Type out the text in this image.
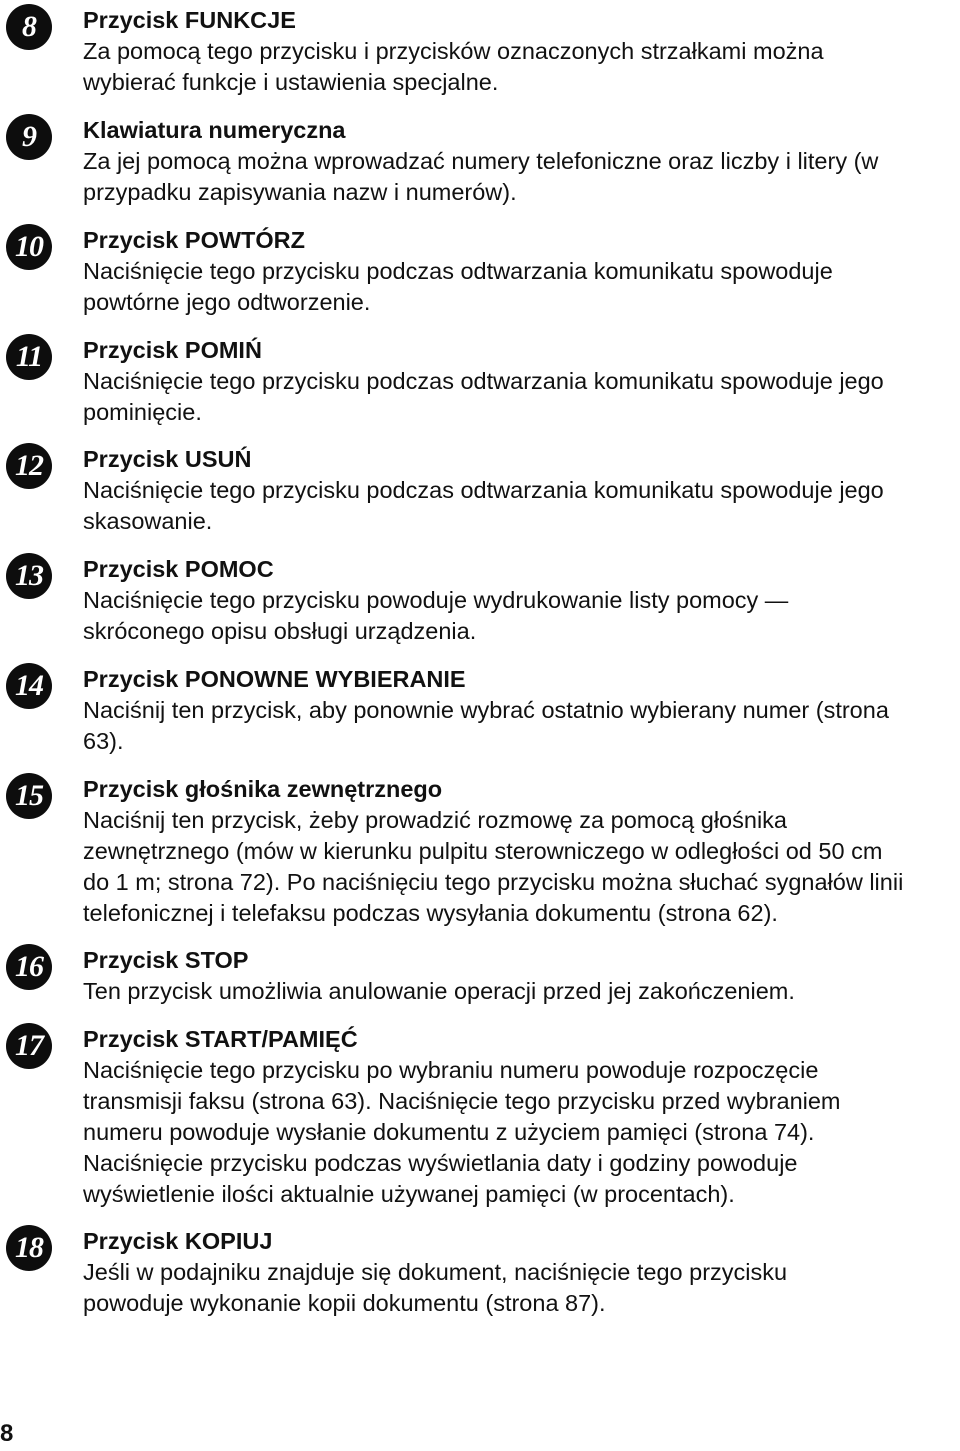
8	Przycisk FUNKCJE
Za pomocą tego przycisku i przycisków oznaczonych strzałkami można
wybierać funkcje i ustawienia specjalne.
9	Klawiatura numeryczna
Za jej pomocą można wprowadzać numery telefoniczne oraz liczby i litery (w
przypadku zapisywania nazw i numerów).
10	Przycisk POWTÓRZ
Naciśnięcie tego przycisku podczas odtwarzania komunikatu spowoduje
powtórne jego odtworzenie.
11	Przycisk POMIŃ
Naciśnięcie tego przycisku podczas odtwarzania komunikatu spowoduje jego
pominięcie.
12	Przycisk USUŃ
Naciśnięcie tego przycisku podczas odtwarzania komunikatu spowoduje jego
skasowanie.
13	Przycisk POMOC
Naciśnięcie tego przycisku powoduje wydrukowanie listy pomocy —
skróconego opisu obsługi urządzenia.
14	Przycisk PONOWNE WYBIERANIE
Naciśnij ten przycisk, aby ponownie wybrać ostatnio wybierany numer (strona
63).
15	Przycisk głośnika zewnętrznego
Naciśnij ten przycisk, żeby prowadzić rozmowę za pomocą głośnika
zewnętrznego (mów w kierunku pulpitu sterowniczego w odległości od 50 cm
do 1 m; strona 72). Po naciśnięciu tego przycisku można słuchać sygnałów linii
telefonicznej i telefaksu podczas wysyłania dokumentu (strona 62).
16	Przycisk STOP
Ten przycisk umożliwia anulowanie operacji przed jej zakończeniem.
17	Przycisk START/PAMIĘĆ
Naciśnięcie tego przycisku po wybraniu numeru powoduje rozpoczęcie
transmisji faksu (strona 63). Naciśnięcie tego przycisku przed wybraniem
numeru powoduje wysłanie dokumentu z użyciem pamięci (strona 74).
Naciśnięcie przycisku podczas wyświetlania daty i godziny powoduje
wyświetlenie ilości aktualnie używanej pamięci (w procentach).
18	Przycisk KOPIUJ
Jeśli w podajniku znajduje się dokument, naciśnięcie tego przycisku
powoduje wykonanie kopii dokumentu (strona 87).
8
